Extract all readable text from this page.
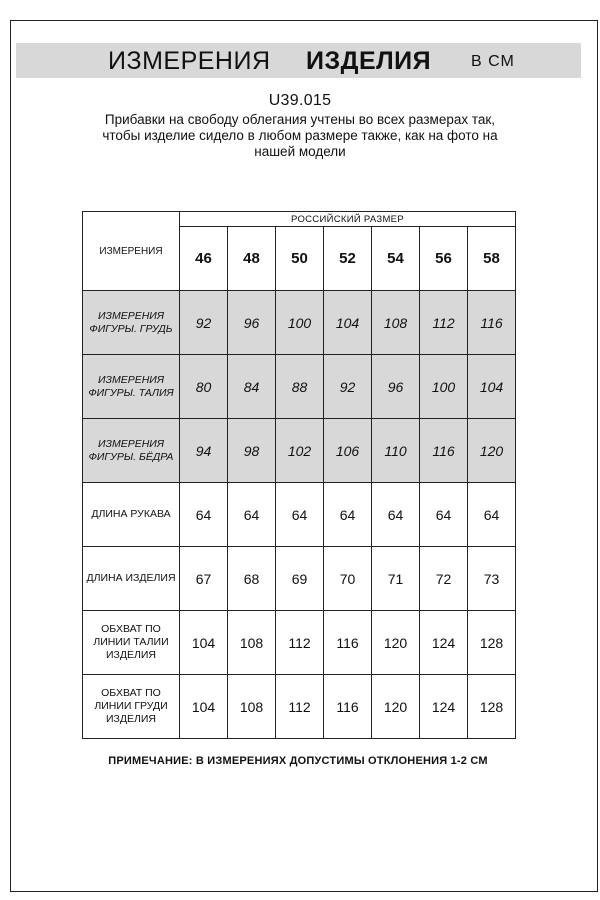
ИЗМЕРЕНИЯ ИЗДЕЛИЯ В СМ
U39.015
Прибавки на свободу облегания учтены во всех размерах так,
чтобы изделие сидело в любом размере также, как на фото на
нашей модели
ИЗМЕРЕНИЯ	РОССИЙСКИЙ РАЗМЕР						
	46	48	50	52	54	56	58

ИЗМЕРЕНИЯ
ФИГУРЫ. ГРУДЬ	92	96	100	104	108	112	116

ИЗМЕРЕНИЯ
ФИГУРЫ. ТАЛИЯ	80	84	88	92	96	100	104

ИЗМЕРЕНИЯ
ФИГУРЫ. БЁДРА	94	98	102	106	110	116	120

ДЛИНА РУКАВА	64	64	64	64	64	64	64

ДЛИНА ИЗДЕЛИЯ	67	68	69	70	71	72	73

ОБХВАТ ПО
ЛИНИИ ТАЛИИ
ИЗДЕЛИЯ	104	108	112	116	120	124	128

ОБХВАТ ПО
ЛИНИИ ГРУДИ
ИЗДЕЛИЯ	104	108	112	116	120	124	128
ПРИМЕЧАНИЕ: В ИЗМЕРЕНИЯХ ДОПУСТИМЫ ОТКЛОНЕНИЯ 1-2 СМ
